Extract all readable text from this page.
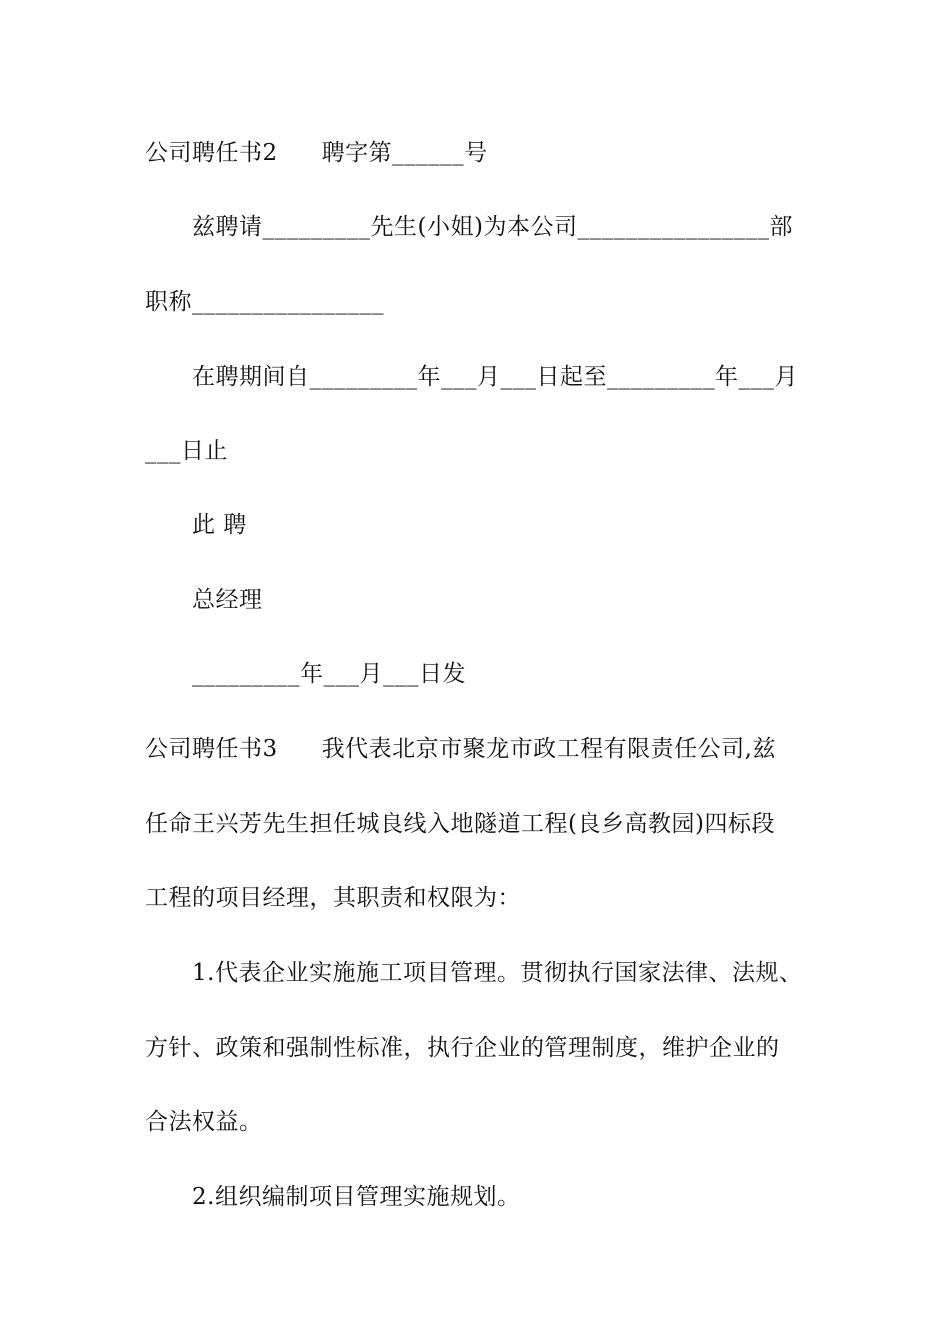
公司聘任书2 聘字第______号
兹聘请_________先生(小姐)为本公司________________部
职称________________
在聘期间自_________年___月___日起至_________年___月
___日止
此 聘
总经理
_________年___月___日发
公司聘任书3 我代表北京市聚龙市政工程有限责任公司,兹
任命王兴芳先生担任城良线入地隧道工程(良乡高教园)四标段
工程的项目经理，其职责和权限为：
1.代表企业实施施工项目管理。贯彻执行国家法律、法规、
方针、政策和强制性标准，执行企业的管理制度，维护企业的
合法权益。
2.组织编制项目管理实施规划。
